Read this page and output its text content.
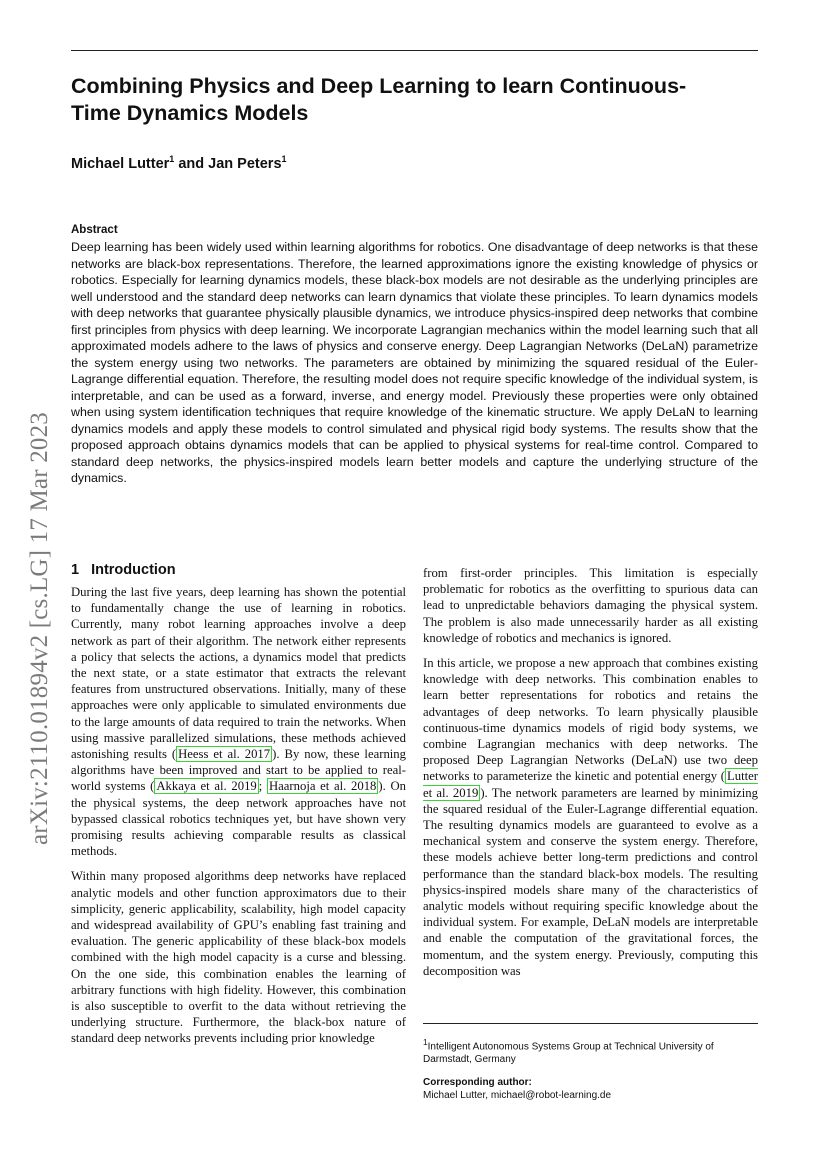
Combining Physics and Deep Learning to learn Continuous-Time Dynamics Models

Michael Lutter$^1$ and Jan Peters$^1$

Abstract

Deep learning has been widely used within learning algorithms for robotics. One disadvantage of deep networks is that these networks are black-box representations. Therefore, the learned approximations ignore the existing knowledge of physics or robotics. Especially for learning dynamics models, these black-box models are not desirable as the underlying principles are well understood and the standard deep networks can learn dynamics that violate these principles. To learn dynamics models with deep networks that guarantee physically plausible dynamics, we introduce physics-inspired deep networks that combine first principles from physics with deep learning. We incorporate Lagrangian mechanics within the model learning such that all approximated models adhere to the laws of physics and conserve energy. Deep Lagrangian Networks (DeLaN) parametrize the system energy using two networks. The parameters are obtained by minimizing the squared residual of the Euler-Lagrange differential equation. Therefore, the resulting model does not require specific knowledge of the individual system, is interpretable, and can be used as a forward, inverse, and energy model. Previously these properties were only obtained when using system identification techniques that require knowledge of the kinematic structure. We apply DeLaN to learning dynamics models and apply these models to control simulated and physical rigid body systems. The results show that the proposed approach obtains dynamics models that can be applied to physical systems for real-time control. Compared to standard deep networks, the physics-inspired models learn better models and capture the underlying structure of the dynamics.

arXiv:2110.01894v2 [cs.LG] 17 Mar 2023 1 Introduction

During the last five years, deep learning has shown the potential to fundamentally change the use of learning in robotics. Currently, many robot learning approaches involve a deep network as part of their algorithm. The network either represents a policy that selects the actions, a dynamics model that predicts the next state, or a state estimator that extracts the relevant features from unstructured observations. Initially, many of these approaches were only applicable to simulated environments due to the large amounts of data required to train the networks. When using massive parallelized simulations, these methods achieved astonishing results ( Heess et al. 2017 ). By now, these learning algorithms have been improved and start to be applied to real-world systems ( Akkaya et al. 2019 ; Haarnoja et al. 2018 ). On the physical systems, the deep network approaches have not bypassed classical robotics techniques yet, but have shown very promising results achieving comparable results as classical methods.

Within many proposed algorithms deep networks have replaced analytic models and other function approximators due to their simplicity, generic applicability, scalability, high model capacity and widespread availability of GPU’s enabling fast training and evaluation. The generic applicability of these black-box models combined with the high model capacity is a curse and blessing. On the one side, this combination enables the learning of arbitrary functions with high fidelity. However, this combination is also susceptible to overfit to the data without retrieving the underlying structure. Furthermore, the black-box nature of standard deep networks prevents including prior knowledge

from first-order principles. This limitation is especially problematic for robotics as the overfitting to spurious data can lead to unpredictable behaviors damaging the physical system. The problem is also made unnecessarily harder as all existing knowledge of robotics and mechanics is ignored.

In this article, we propose a new approach that combines existing knowledge with deep networks. This combination enables to learn better representations for robotics and retains the advantages of deep networks. To learn physically plausible continuous-time dynamics models of rigid body systems, we combine Lagrangian mechanics with deep networks. The proposed Deep Lagrangian Networks (DeLaN) use two deep networks to parameterize the kinetic and potential energy ( Lutter et al. 2019 ). The network parameters are learned by minimizing the squared residual of the Euler-Lagrange differential equation. The resulting dynamics models are guaranteed to evolve as a mechanical system and conserve the system energy. Therefore, these models achieve better long-term predictions and control performance than the standard black-box models. The resulting physics-inspired models share many of the characteristics of analytic models without requiring specific knowledge about the individual system. For example, DeLaN models are interpretable and enable the computation of the gravitational forces, the momentum, and the system energy. Previously, computing this decomposition was

$^1$Intelligent Autonomous Systems Group at Technical University of Darmstadt, Germany

Corresponding author:

Michael Lutter, michael@robot-learning.de
